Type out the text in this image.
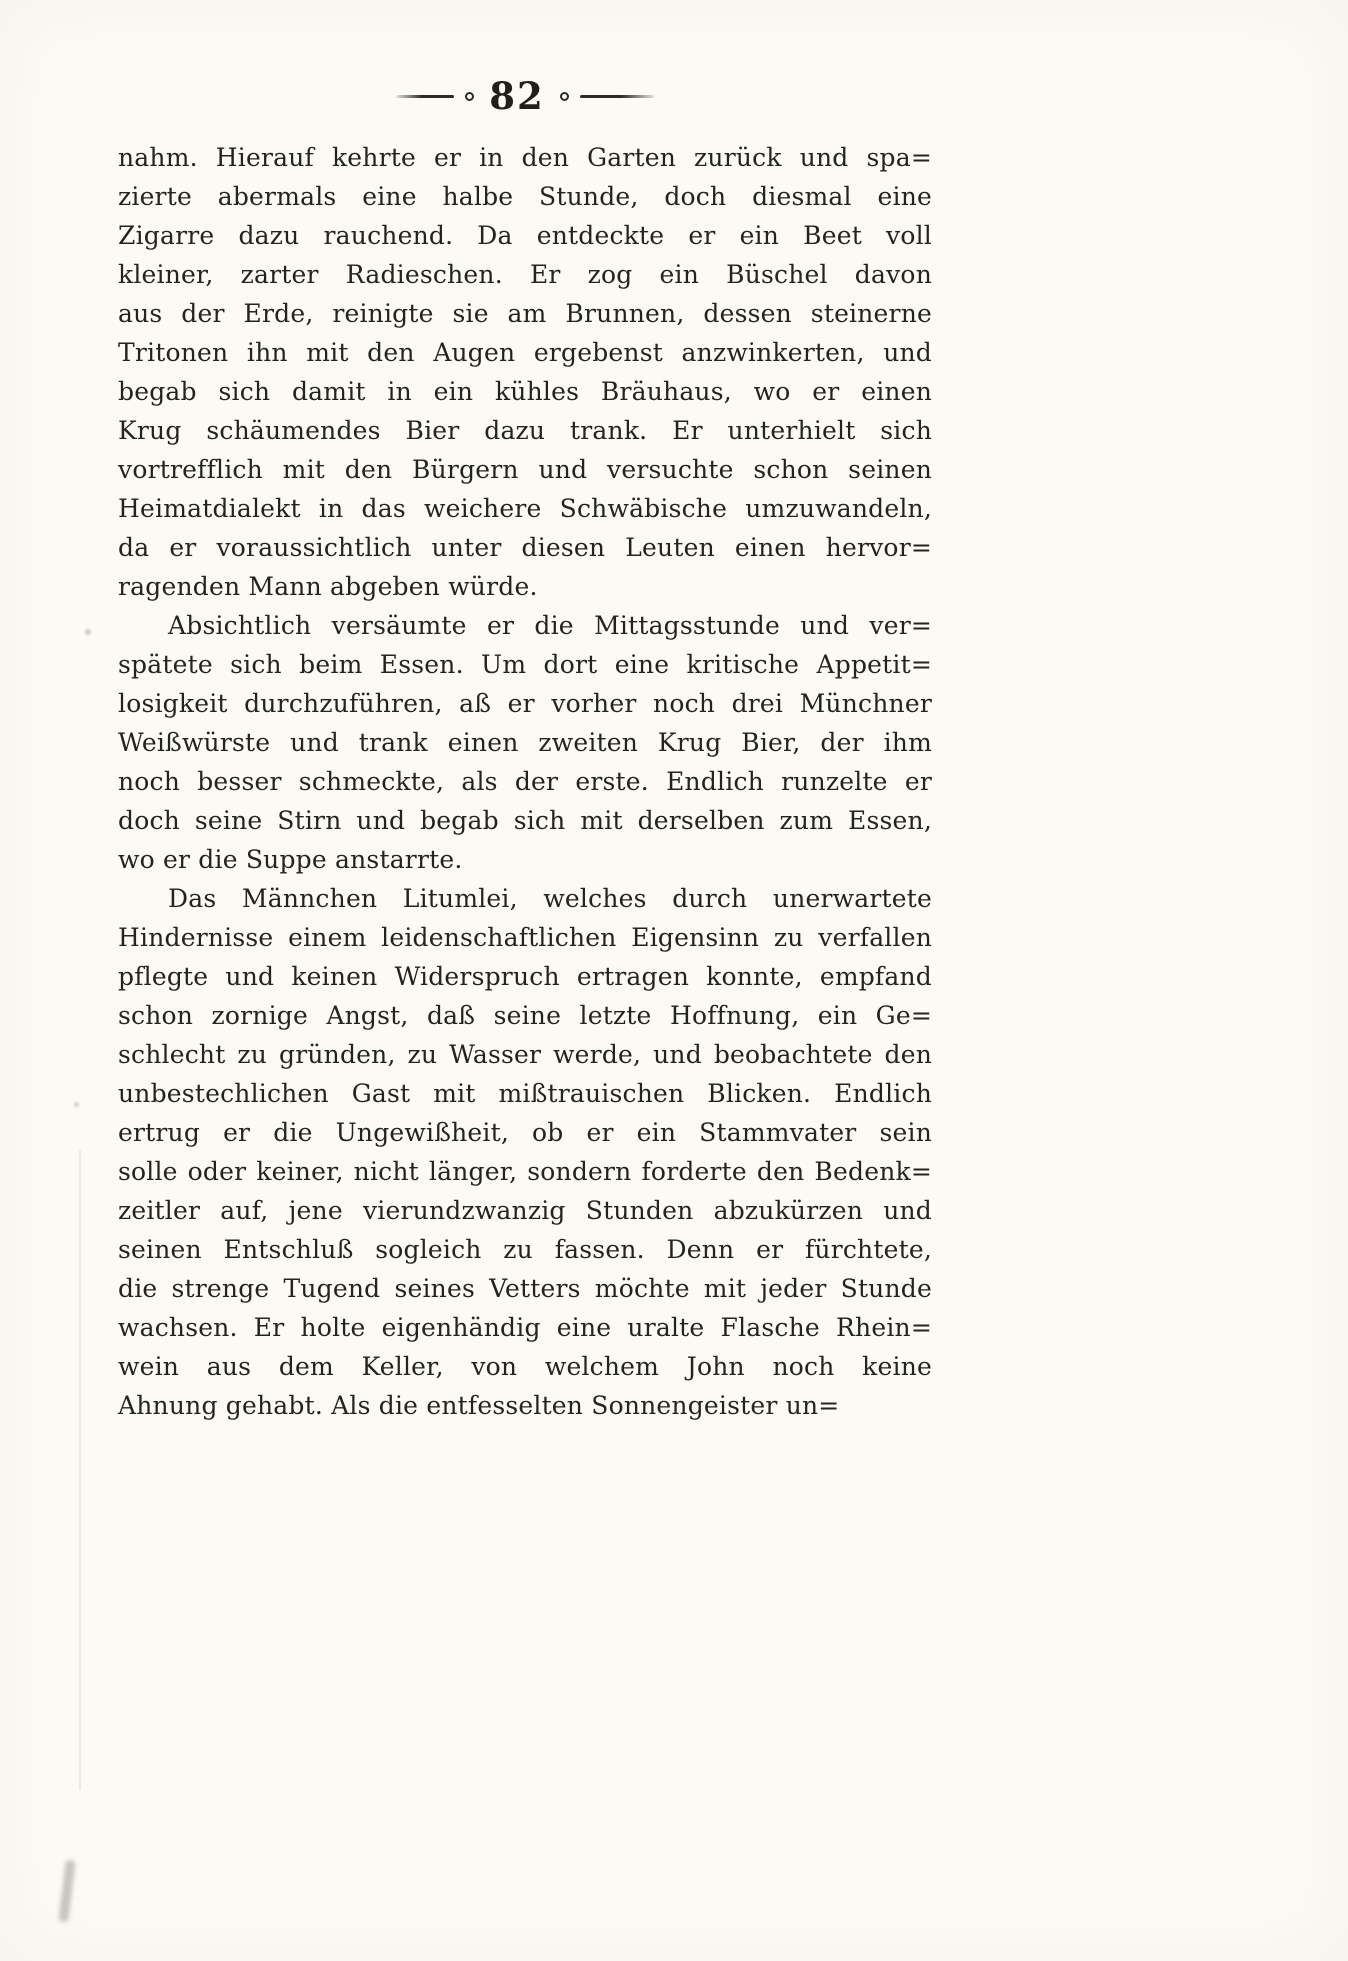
82
nahm. Hierauf kehrte er in den Garten zurück und spa=
zierte abermals eine halbe Stunde, doch diesmal eine
Zigarre dazu rauchend. Da entdeckte er ein Beet voll
kleiner, zarter Radieschen. Er zog ein Büschel davon
aus der Erde, reinigte sie am Brunnen, dessen steinerne
Tritonen ihn mit den Augen ergebenst anzwinkerten, und
begab sich damit in ein kühles Bräuhaus, wo er einen
Krug schäumendes Bier dazu trank. Er unterhielt sich
vortrefflich mit den Bürgern und versuchte schon seinen
Heimatdialekt in das weichere Schwäbische umzuwandeln,
da er voraussichtlich unter diesen Leuten einen hervor=
ragenden Mann abgeben würde.
Absichtlich versäumte er die Mittagsstunde und ver=
spätete sich beim Essen. Um dort eine kritische Appetit=
losigkeit durchzuführen, aß er vorher noch drei Münchner
Weißwürste und trank einen zweiten Krug Bier, der ihm
noch besser schmeckte, als der erste. Endlich runzelte er
doch seine Stirn und begab sich mit derselben zum Essen,
wo er die Suppe anstarrte.
Das Männchen Litumlei, welches durch unerwartete
Hindernisse einem leidenschaftlichen Eigensinn zu verfallen
pflegte und keinen Widerspruch ertragen konnte, empfand
schon zornige Angst, daß seine letzte Hoffnung, ein Ge=
schlecht zu gründen, zu Wasser werde, und beobachtete den
unbestechlichen Gast mit mißtrauischen Blicken. Endlich
ertrug er die Ungewißheit, ob er ein Stammvater sein
solle oder keiner, nicht länger, sondern forderte den Bedenk=
zeitler auf, jene vierundzwanzig Stunden abzukürzen und
seinen Entschluß sogleich zu fassen. Denn er fürchtete,
die strenge Tugend seines Vetters möchte mit jeder Stunde
wachsen. Er holte eigenhändig eine uralte Flasche Rhein=
wein aus dem Keller, von welchem John noch keine
Ahnung gehabt. Als die entfesselten Sonnengeister un=
